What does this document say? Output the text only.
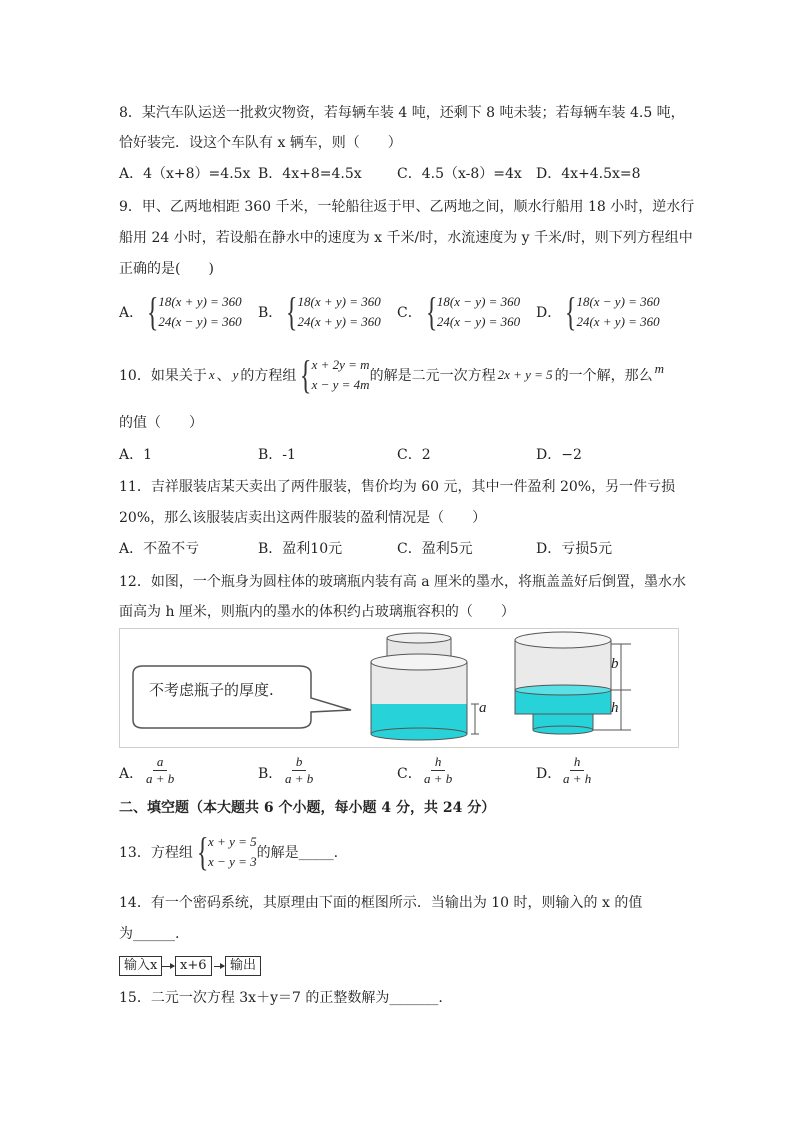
8．某汽车队运送一批救灾物资，若每辆车装 4 吨，还剩下 8 吨未装；若每辆车装 4.5 吨，
恰好装完．设这个车队有 x 辆车，则（　　）
A．4（x+8）=4.5x B．4x+8=4.5x	C．4.5（x-8）=4x D．4x+4.5x=8
9．甲、乙两地相距 360 千米，一轮船往返于甲、乙两地之间，顺水行船用 18 小时，逆水行
船用 24 小时，若设船在静水中的速度为 x 千米/时，水流速度为 y 千米/时，则下列方程组中
正确的是(　　)
A． { 18(x + y) = 360
24(x − y) = 360
B． { 18(x + y) = 360
24(x + y) = 360
C． { 18(x − y) = 360
24(x − y) = 360
D． { 18(x − y) = 360
24(x + y) = 360
10．如果关于 x 、 y 的方程组 { x + 2y = m
x − y = 4m
的解是二元一次方程 2x + y = 5 的一个解，那么 m
的值（　　）
A．1	B．-1	C．2	D．−2
11．吉祥服装店某天卖出了两件服装，售价均为 60 元，其中一件盈利 20%，另一件亏损
20%，那么该服装店卖出这两件服装的盈利情况是（　　）
A．不盈不亏	B．盈利10元	C．盈利5元	D．亏损5元
12．如图，一个瓶身为圆柱体的玻璃瓶内装有高 a 厘米的墨水，将瓶盖盖好后倒置，墨水水
面高为 h 厘米，则瓶内的墨水的体积约占玻璃瓶容积的（　　）
不考虑瓶子的厚度.
a
b
h
A．
$\frac{a}{a + b}$	B．
$\frac{b}{a + b}$	C．
$\frac{h}{a + b}$	D．
$\frac{h}{a + h}$
二、填空题（本大题共 6 个小题，每小题 4 分，共 24 分）
13．方程组 { x + y = 5
x − y = 3
的解是_____.
14．有一个密码系统，其原理由下面的框图所示．当输出为 10 时，则输入的 x 的值
为______.
输入x	x+6	输出
15．二元一次方程 3x＋y＝7 的正整数解为_______.
